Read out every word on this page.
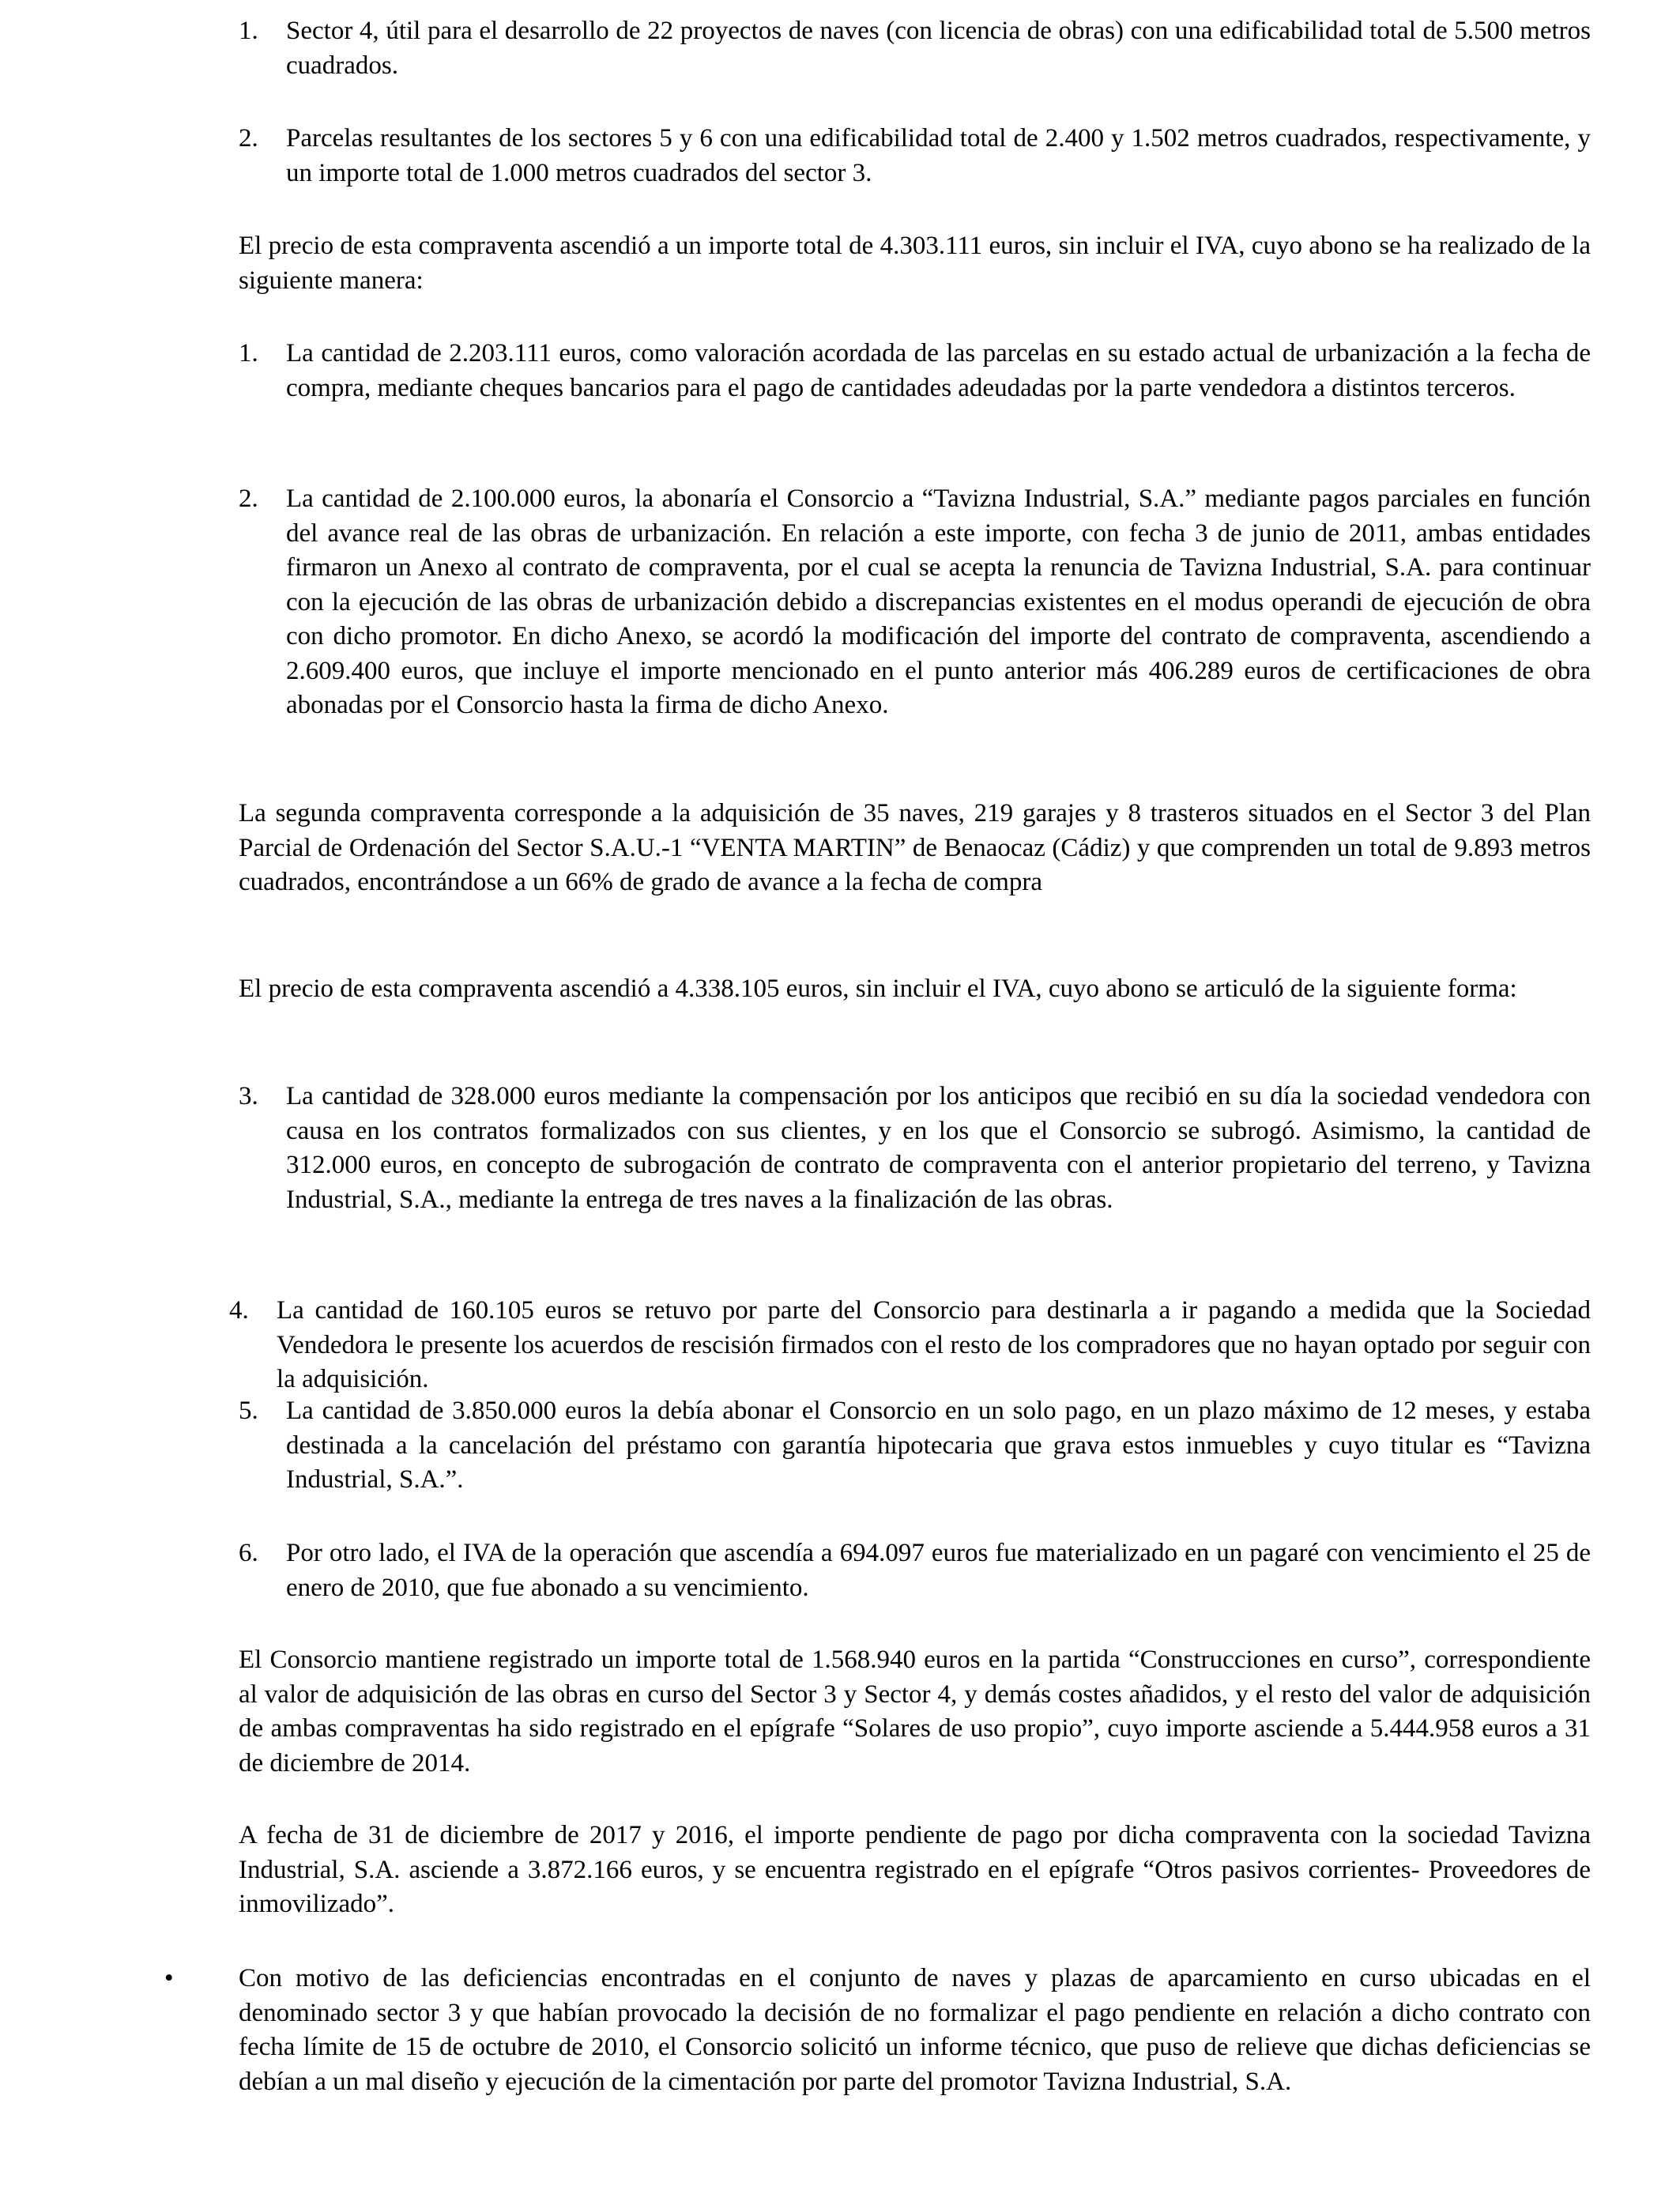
1. Sector 4, útil para el desarrollo de 22 proyectos de naves (con licencia de obras) con una edificabilidad total de 5.500 metros cuadrados.
2. Parcelas resultantes de los sectores 5 y 6 con una edificabilidad total de 2.400 y 1.502 metros cuadrados, respectivamente, y un importe total de 1.000 metros cuadrados del sector 3.
El precio de esta compraventa ascendió a un importe total de 4.303.111 euros, sin incluir el IVA, cuyo abono se ha realizado de la siguiente manera:
1. La cantidad de 2.203.111 euros, como valoración acordada de las parcelas en su estado actual de urbanización a la fecha de compra, mediante cheques bancarios para el pago de cantidades adeudadas por la parte vendedora a distintos terceros.
2. La cantidad de 2.100.000 euros, la abonaría el Consorcio a “Tavizna Industrial, S.A.” mediante pagos parciales en función del avance real de las obras de urbanización. En relación a este importe, con fecha 3 de junio de 2011, ambas entidades firmaron un Anexo al contrato de compraventa, por el cual se acepta la renuncia de Tavizna Industrial, S.A. para continuar con la ejecución de las obras de urbanización debido a discrepancias existentes en el modus operandi de ejecución de obra con dicho promotor. En dicho Anexo, se acordó la modificación del importe del contrato de compraventa, ascendiendo a 2.609.400 euros, que incluye el importe mencionado en el punto anterior más 406.289 euros de certificaciones de obra abonadas por el Consorcio hasta la firma de dicho Anexo.
La segunda compraventa corresponde a la adquisición de 35 naves, 219 garajes y 8 trasteros situados en el Sector 3 del Plan Parcial de Ordenación del Sector S.A.U.-1 “VENTA MARTIN” de Benaocaz (Cádiz) y que comprenden un total de 9.893 metros cuadrados, encontrándose a un 66% de grado de avance a la fecha de compra
El precio de esta compraventa ascendió a 4.338.105 euros, sin incluir el IVA, cuyo abono se articuló de la siguiente forma:
3. La cantidad de 328.000 euros mediante la compensación por los anticipos que recibió en su día la sociedad vendedora con causa en los contratos formalizados con sus clientes, y en los que el Consorcio se subrogó. Asimismo, la cantidad de 312.000 euros, en concepto de subrogación de contrato de compraventa con el anterior propietario del terreno, y Tavizna Industrial, S.A., mediante la entrega de tres naves a la finalización de las obras.
4. La cantidad de 160.105 euros se retuvo por parte del Consorcio para destinarla a ir pagando a medida que la Sociedad Vendedora le presente los acuerdos de rescisión firmados con el resto de los compradores que no hayan optado por seguir con la adquisición.
5. La cantidad de 3.850.000 euros la debía abonar el Consorcio en un solo pago, en un plazo máximo de 12 meses, y estaba destinada a la cancelación del préstamo con garantía hipotecaria que grava estos inmuebles y cuyo titular es “Tavizna Industrial, S.A.”.
6. Por otro lado, el IVA de la operación que ascendía a 694.097 euros fue materializado en un pagaré con vencimiento el 25 de enero de 2010, que fue abonado a su vencimiento.
El Consorcio mantiene registrado un importe total de 1.568.940 euros en la partida “Construcciones en curso”, correspondiente al valor de adquisición de las obras en curso del Sector 3 y Sector 4, y demás costes añadidos, y el resto del valor de adquisición de ambas compraventas ha sido registrado en el epígrafe “Solares de uso propio”, cuyo importe asciende a 5.444.958 euros a 31 de diciembre de 2014.
A fecha de 31 de diciembre de 2017 y 2016, el importe pendiente de pago por dicha compraventa con la sociedad Tavizna Industrial, S.A. asciende a 3.872.166 euros, y se encuentra registrado en el epígrafe “Otros pasivos corrientes- Proveedores de inmovilizado”.
• Con motivo de las deficiencias encontradas en el conjunto de naves y plazas de aparcamiento en curso ubicadas en el denominado sector 3 y que habían provocado la decisión de no formalizar el pago pendiente en relación a dicho contrato con fecha límite de 15 de octubre de 2010, el Consorcio solicitó un informe técnico, que puso de relieve que dichas deficiencias se debían a un mal diseño y ejecución de la cimentación por parte del promotor Tavizna Industrial, S.A.
